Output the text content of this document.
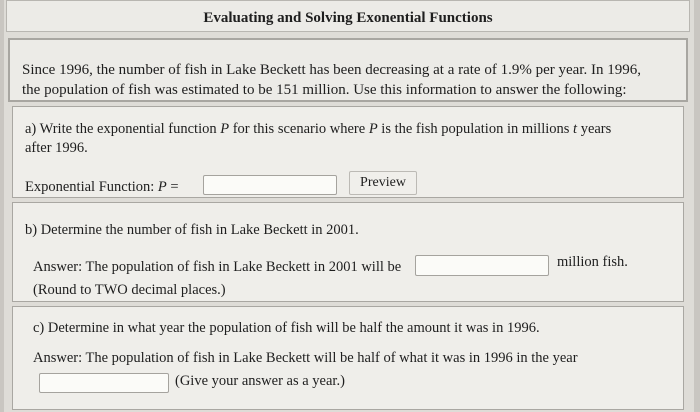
Evaluating and Solving Exonential Functions
Since 1996, the number of fish in Lake Beckett has been decreasing at a rate of 1.9% per year. In 1996,
the population of fish was estimated to be 151 million. Use this information to answer the following:
a) Write the exponential function P for this scenario where P is the fish population in millions t years
after 1996.
Exponential Function: P =	Preview
b) Determine the number of fish in Lake Beckett in 2001.
Answer: The population of fish in Lake Beckett in 2001 will be	million fish.
(Round to TWO decimal places.)
c) Determine in what year the population of fish will be half the amount it was in 1996.
Answer: The population of fish in Lake Beckett will be half of what it was in 1996 in the year
(Give your answer as a year.)
